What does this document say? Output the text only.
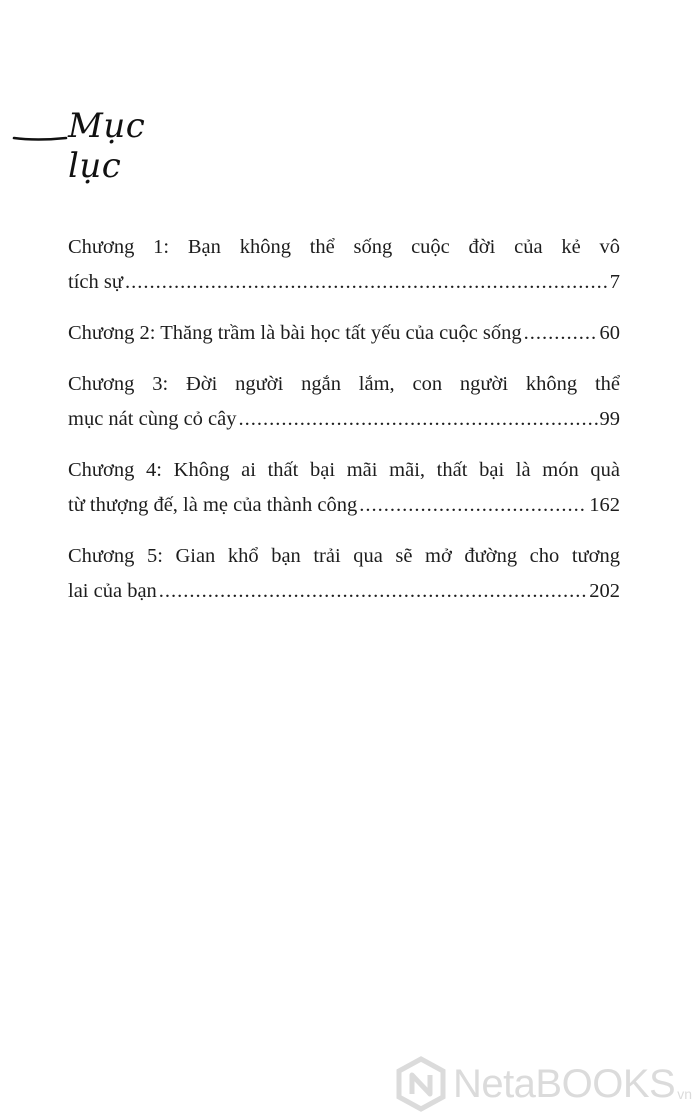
Mục lục
Chương 1: Bạn không thể sống cuộc đời của kẻ vô
tích sự .....	7
Chương 2: Thăng trầm là bài học tất yếu của cuộc sống .....	60
Chương 3: Đời người ngắn lắm, con người không thể
mục nát cùng cỏ cây .....	99
Chương 4: Không ai thất bại mãi mãi, thất bại là món quà
từ thượng đế, là mẹ của thành công .....	162
Chương 5: Gian khổ bạn trải qua sẽ mở đường cho tương
lai của bạn .....	202
NetaBOOKS vn
